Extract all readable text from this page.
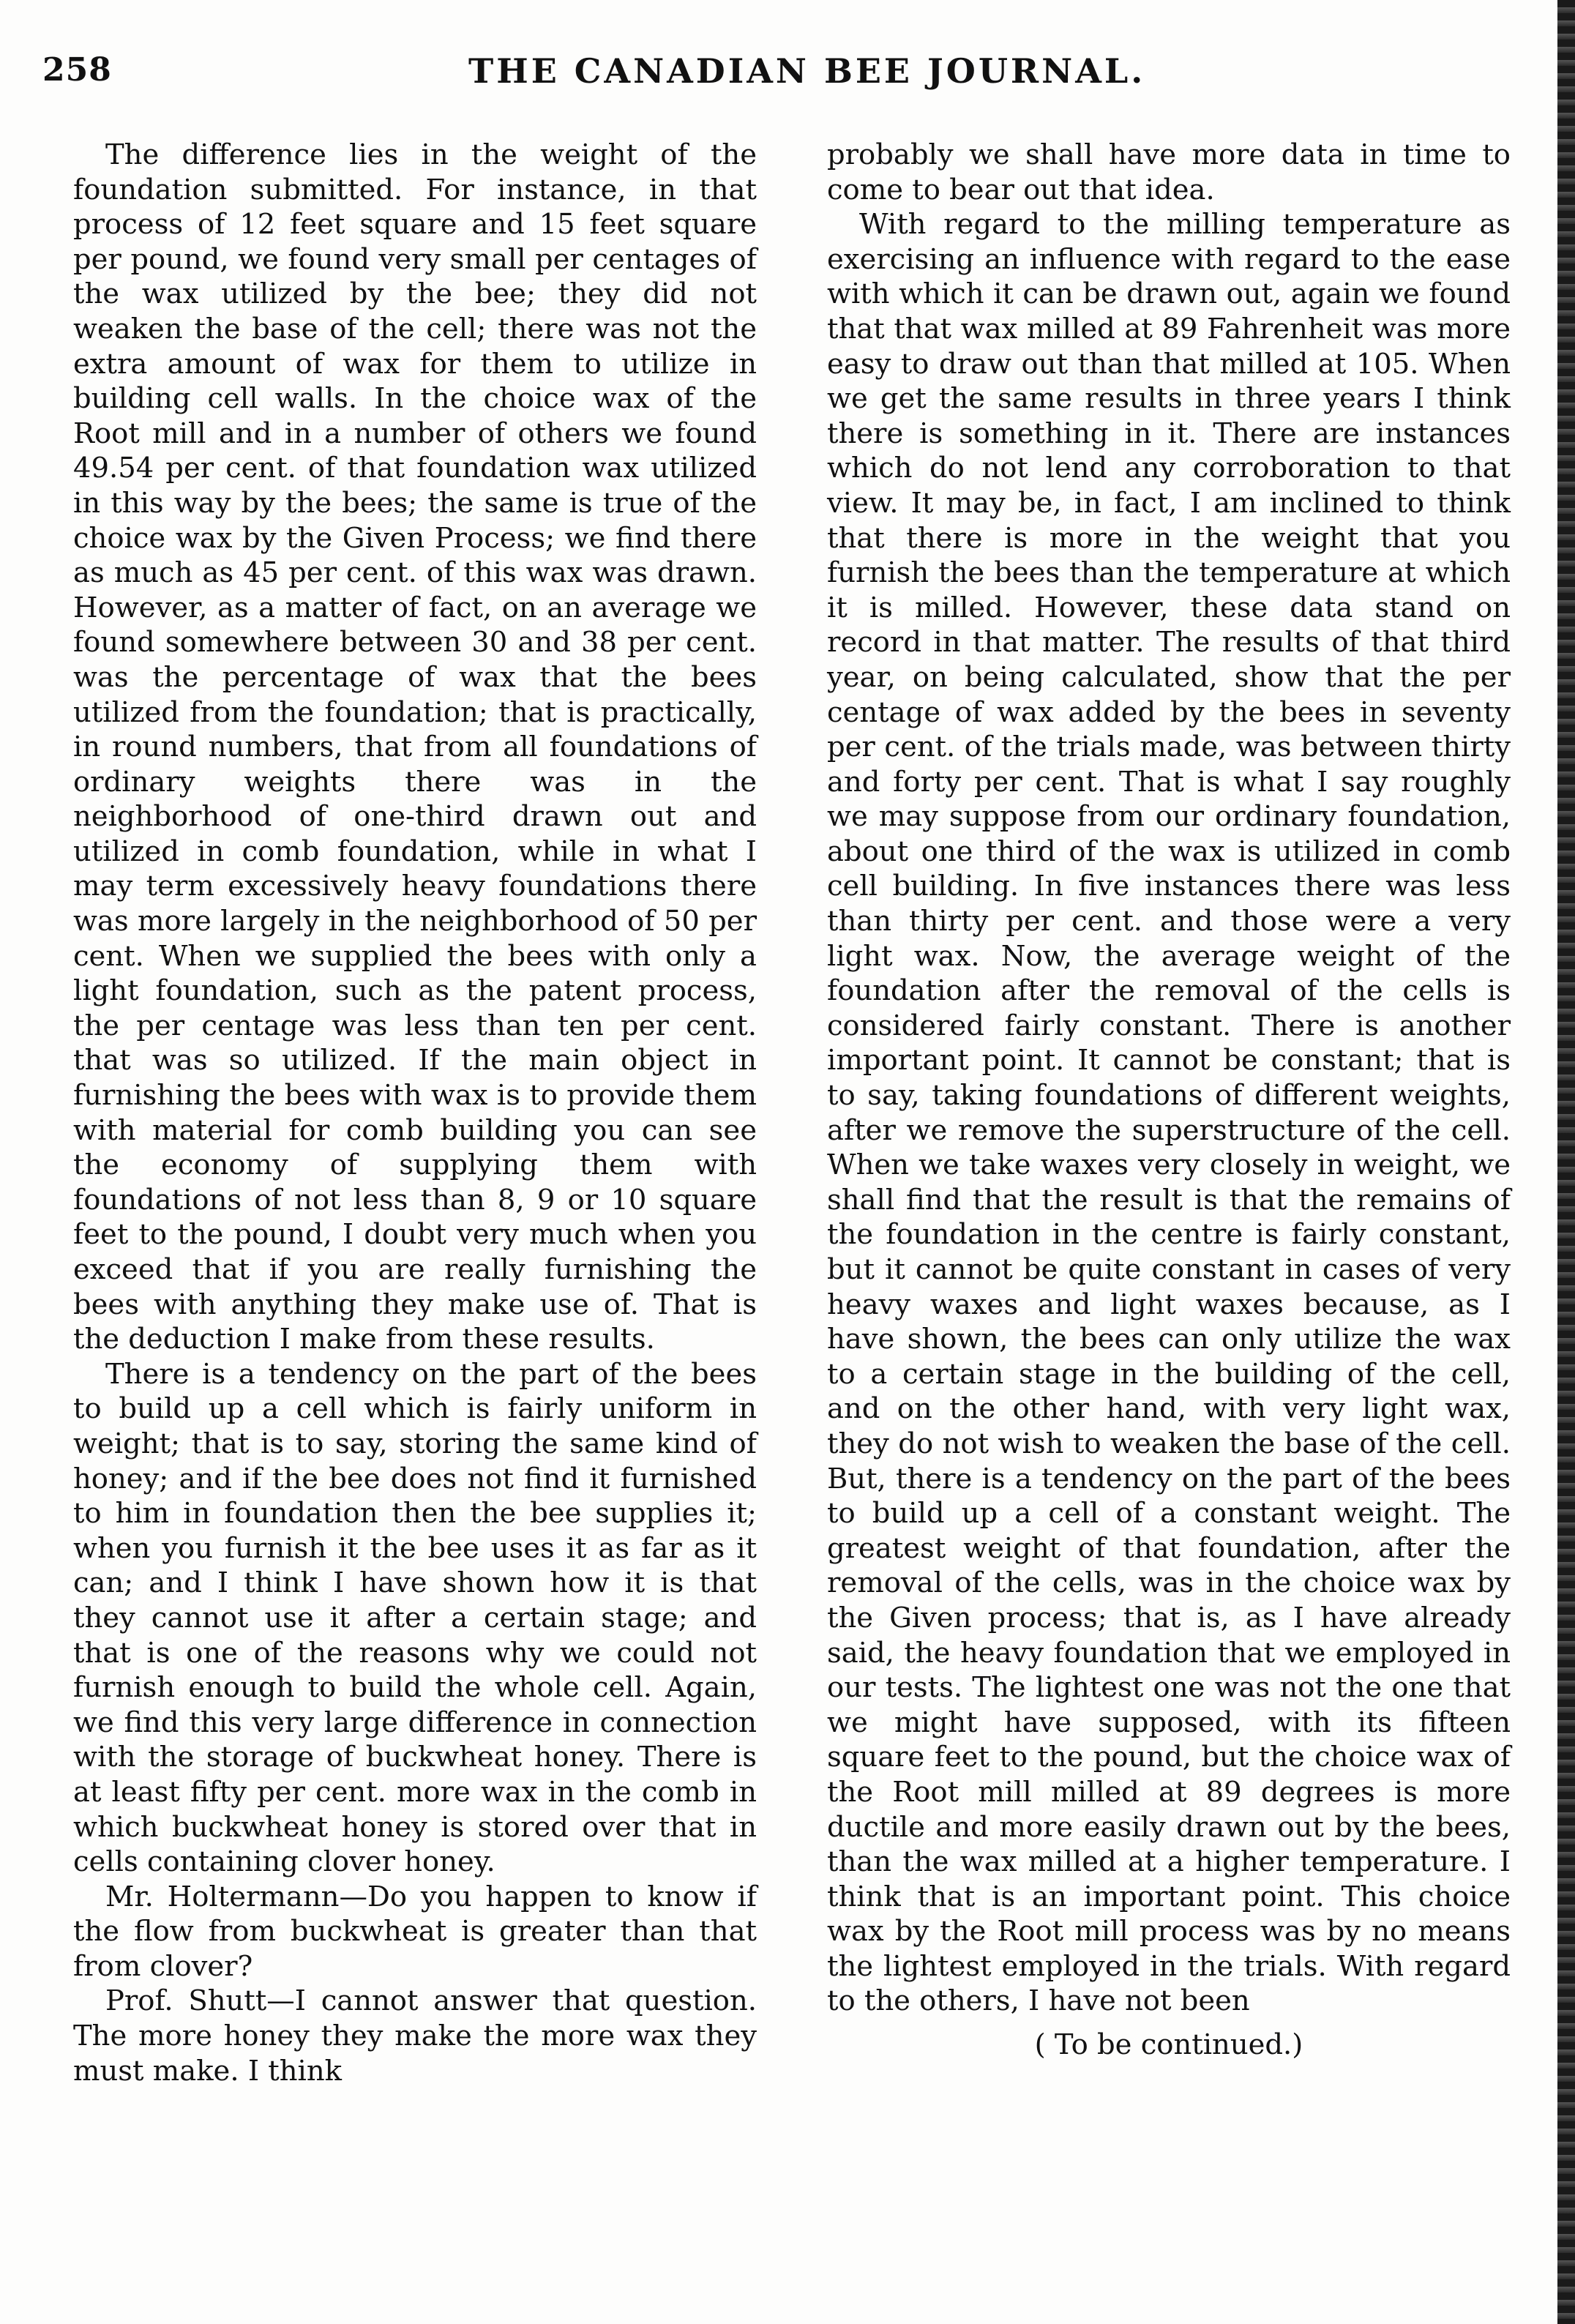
258	THE CANADIAN BEE JOURNAL.

The difference lies in the weight of the foundation submitted. For instance, in that process of 12 feet square and 15 feet square per pound, we found very small per centages of the wax utilized by the bee; they did not weaken the base of the cell; there was not the extra amount of wax for them to utilize in building cell walls. In the choice wax of the Root mill and in a number of others we found 49.54 per cent. of that foundation wax utilized in this way by the bees; the same is true of the choice wax by the Given Process; we find there as much as 45 per cent. of this wax was drawn. However, as a matter of fact, on an average we found somewhere between 30 and 38 per cent. was the percentage of wax that the bees utilized from the foundation; that is practically, in round numbers, that from all foundations of ordinary weights there was in the neighborhood of one-third drawn out and utilized in comb foundation, while in what I may term excessively heavy foundations there was more largely in the neighborhood of 50 per cent. When we supplied the bees with only a light foundation, such as the patent process, the per centage was less than ten per cent. that was so utilized. If the main object in furnishing the bees with wax is to provide them with material for comb building you can see the economy of supplying them with foundations of not less than 8, 9 or 10 square feet to the pound, I doubt very much when you exceed that if you are really furnishing the bees with anything they make use of. That is the deduction I make from these results.

There is a tendency on the part of the bees to build up a cell which is fairly uniform in weight; that is to say, storing the same kind of honey; and if the bee does not find it furnished to him in foundation then the bee supplies it; when you furnish it the bee uses it as far as it can; and I think I have shown how it is that they cannot use it after a certain stage; and that is one of the reasons why we could not furnish enough to build the whole cell. Again, we find this very large difference in connection with the storage of buckwheat honey. There is at least fifty per cent. more wax in the comb in which buckwheat honey is stored over that in cells containing clover honey.

Mr. Holtermann—Do you happen to know if the flow from buckwheat is greater than that from clover?

Prof. Shutt—I cannot answer that question. The more honey they make the more wax they must make. I think

probably we shall have more data in time to come to bear out that idea.

With regard to the milling temperature as exercising an influence with regard to the ease with which it can be drawn out, again we found that that wax milled at 89 Fahrenheit was more easy to draw out than that milled at 105. When we get the same results in three years I think there is something in it. There are instances which do not lend any corroboration to that view. It may be, in fact, I am inclined to think that there is more in the weight that you furnish the bees than the temperature at which it is milled. However, these data stand on record in that matter. The results of that third year, on being calculated, show that the per centage of wax added by the bees in seventy per cent. of the trials made, was between thirty and forty per cent. That is what I say roughly we may suppose from our ordinary foundation, about one third of the wax is utilized in comb cell building. In five instances there was less than thirty per cent. and those were a very light wax. Now, the average weight of the foundation after the removal of the cells is considered fairly constant. There is another important point. It cannot be constant; that is to say, taking foundations of different weights, after we remove the superstructure of the cell. When we take waxes very closely in weight, we shall find that the result is that the remains of the foundation in the centre is fairly constant, but it cannot be quite constant in cases of very heavy waxes and light waxes because, as I have shown, the bees can only utilize the wax to a certain stage in the building of the cell, and on the other hand, with very light wax, they do not wish to weaken the base of the cell. But, there is a tendency on the part of the bees to build up a cell of a constant weight. The greatest weight of that foundation, after the removal of the cells, was in the choice wax by the Given process; that is, as I have already said, the heavy foundation that we employed in our tests. The lightest one was not the one that we might have supposed, with its fifteen square feet to the pound, but the choice wax of the Root mill milled at 89 degrees is more ductile and more easily drawn out by the bees, than the wax milled at a higher temperature. I think that is an important point. This choice wax by the Root mill process was by no means the lightest employed in the trials. With regard to the others, I have not been

( To be continued.)
